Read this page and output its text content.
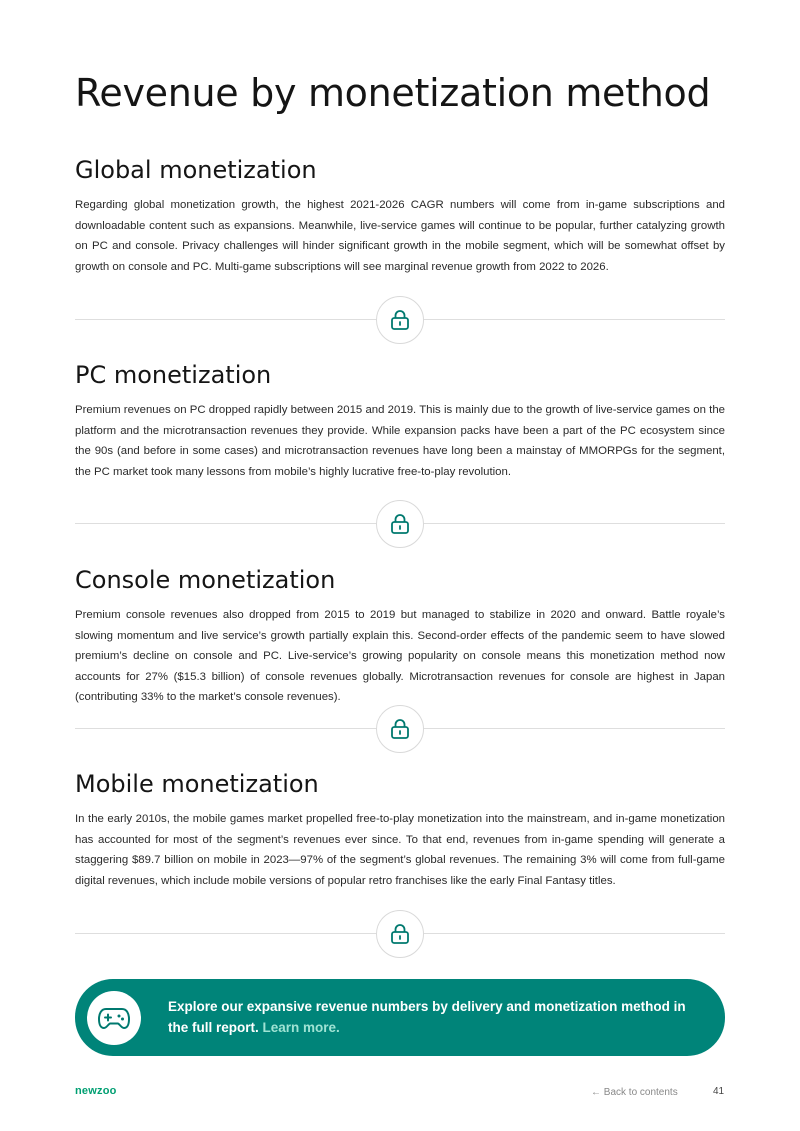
Revenue by monetization method
Global monetization

Regarding global monetization growth, the highest 2021-2026 CAGR numbers will come from in-game subscriptions and downloadable content such as expansions. Meanwhile, live-service games will continue to be popular, further catalyzing growth on PC and console. Privacy challenges will hinder significant growth in the mobile segment, which will be somewhat offset by growth on console and PC. Multi-game subscriptions will see marginal revenue growth from 2022 to 2026.

PC monetization

Premium revenues on PC dropped rapidly between 2015 and 2019. This is mainly due to the growth of live-service games on the platform and the microtransaction revenues they provide. While expansion packs have been a part of the PC ecosystem since the 90s (and before in some cases) and microtransaction revenues have long been a mainstay of MMORPGs for the segment, the PC market took many lessons from mobile’s highly lucrative free-to-play revolution.

Console monetization

Premium console revenues also dropped from 2015 to 2019 but managed to stabilize in 2020 and onward. Battle royale’s slowing momentum and live service’s growth partially explain this. Second-order effects of the pandemic seem to have slowed premium’s decline on console and PC. Live-service’s growing popularity on console means this monetization method now accounts for 27% ($15.3 billion) of console revenues globally. Microtransaction revenues for console are highest in Japan (contributing 33% to the market’s console revenues).

Mobile monetization

In the early 2010s, the mobile games market propelled free-to-play monetization into the mainstream, and in-game monetization has accounted for most of the segment’s revenues ever since. To that end, revenues from in-game spending will generate a staggering $89.7 billion on mobile in 2023—97% of the segment’s global revenues. The remaining 3% will come from full-game digital revenues, which include mobile versions of popular retro franchises like the early Final Fantasy titles.

Explore our expansive revenue numbers by delivery and monetization method in the full report. Learn more.
newzoo	← Back to contents	41
